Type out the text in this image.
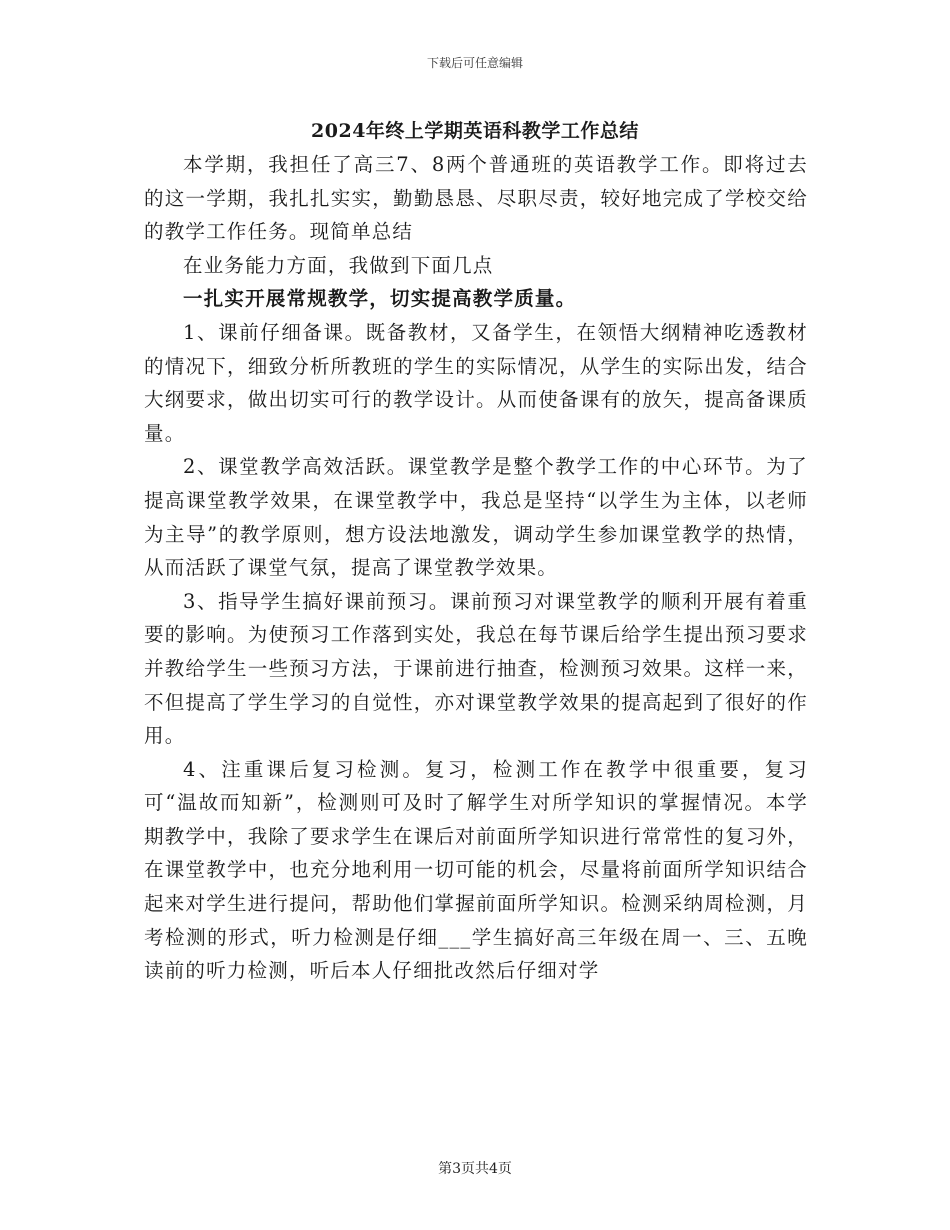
下载后可任意编辑
2024年终上学期英语科教学工作总结

本学期，我担任了高三7、8两个普通班的英语教学工作。即将过去的这一学期，我扎扎实实，勤勤恳恳、尽职尽责，较好地完成了学校交给的教学工作任务。现简单总结

在业务能力方面，我做到下面几点

一扎实开展常规教学，切实提高教学质量。

1、课前仔细备课。既备教材，又备学生，在领悟大纲精神吃透教材的情况下，细致分析所教班的学生的实际情况，从学生的实际出发，结合大纲要求，做出切实可行的教学设计。从而使备课有的放矢，提高备课质量。

2、课堂教学高效活跃。课堂教学是整个教学工作的中心环节。为了提高课堂教学效果，在课堂教学中，我总是坚持“以学生为主体，以老师为主导”的教学原则，想方设法地激发，调动学生参加课堂教学的热情，从而活跃了课堂气氛，提高了课堂教学效果。

3、指导学生搞好课前预习。课前预习对课堂教学的顺利开展有着重要的影响。为使预习工作落到实处，我总在每节课后给学生提出预习要求并教给学生一些预习方法，于课前进行抽查，检测预习效果。这样一来，不但提高了学生学习的自觉性，亦对课堂教学效果的提高起到了很好的作用。

4、注重课后复习检测。复习，检测工作在教学中很重要，复习可“温故而知新”，检测则可及时了解学生对所学知识的掌握情况。本学期教学中，我除了要求学生在课后对前面所学知识进行常常性的复习外，在课堂教学中，也充分地利用一切可能的机会，尽量将前面所学知识结合起来对学生进行提问，帮助他们掌握前面所学知识。检测采纳周检测，月考检测的形式，听力检测是仔细___学生搞好高三年级在周一、三、五晚读前的听力检测，听后本人仔细批改然后仔细对学

第3页共4页
